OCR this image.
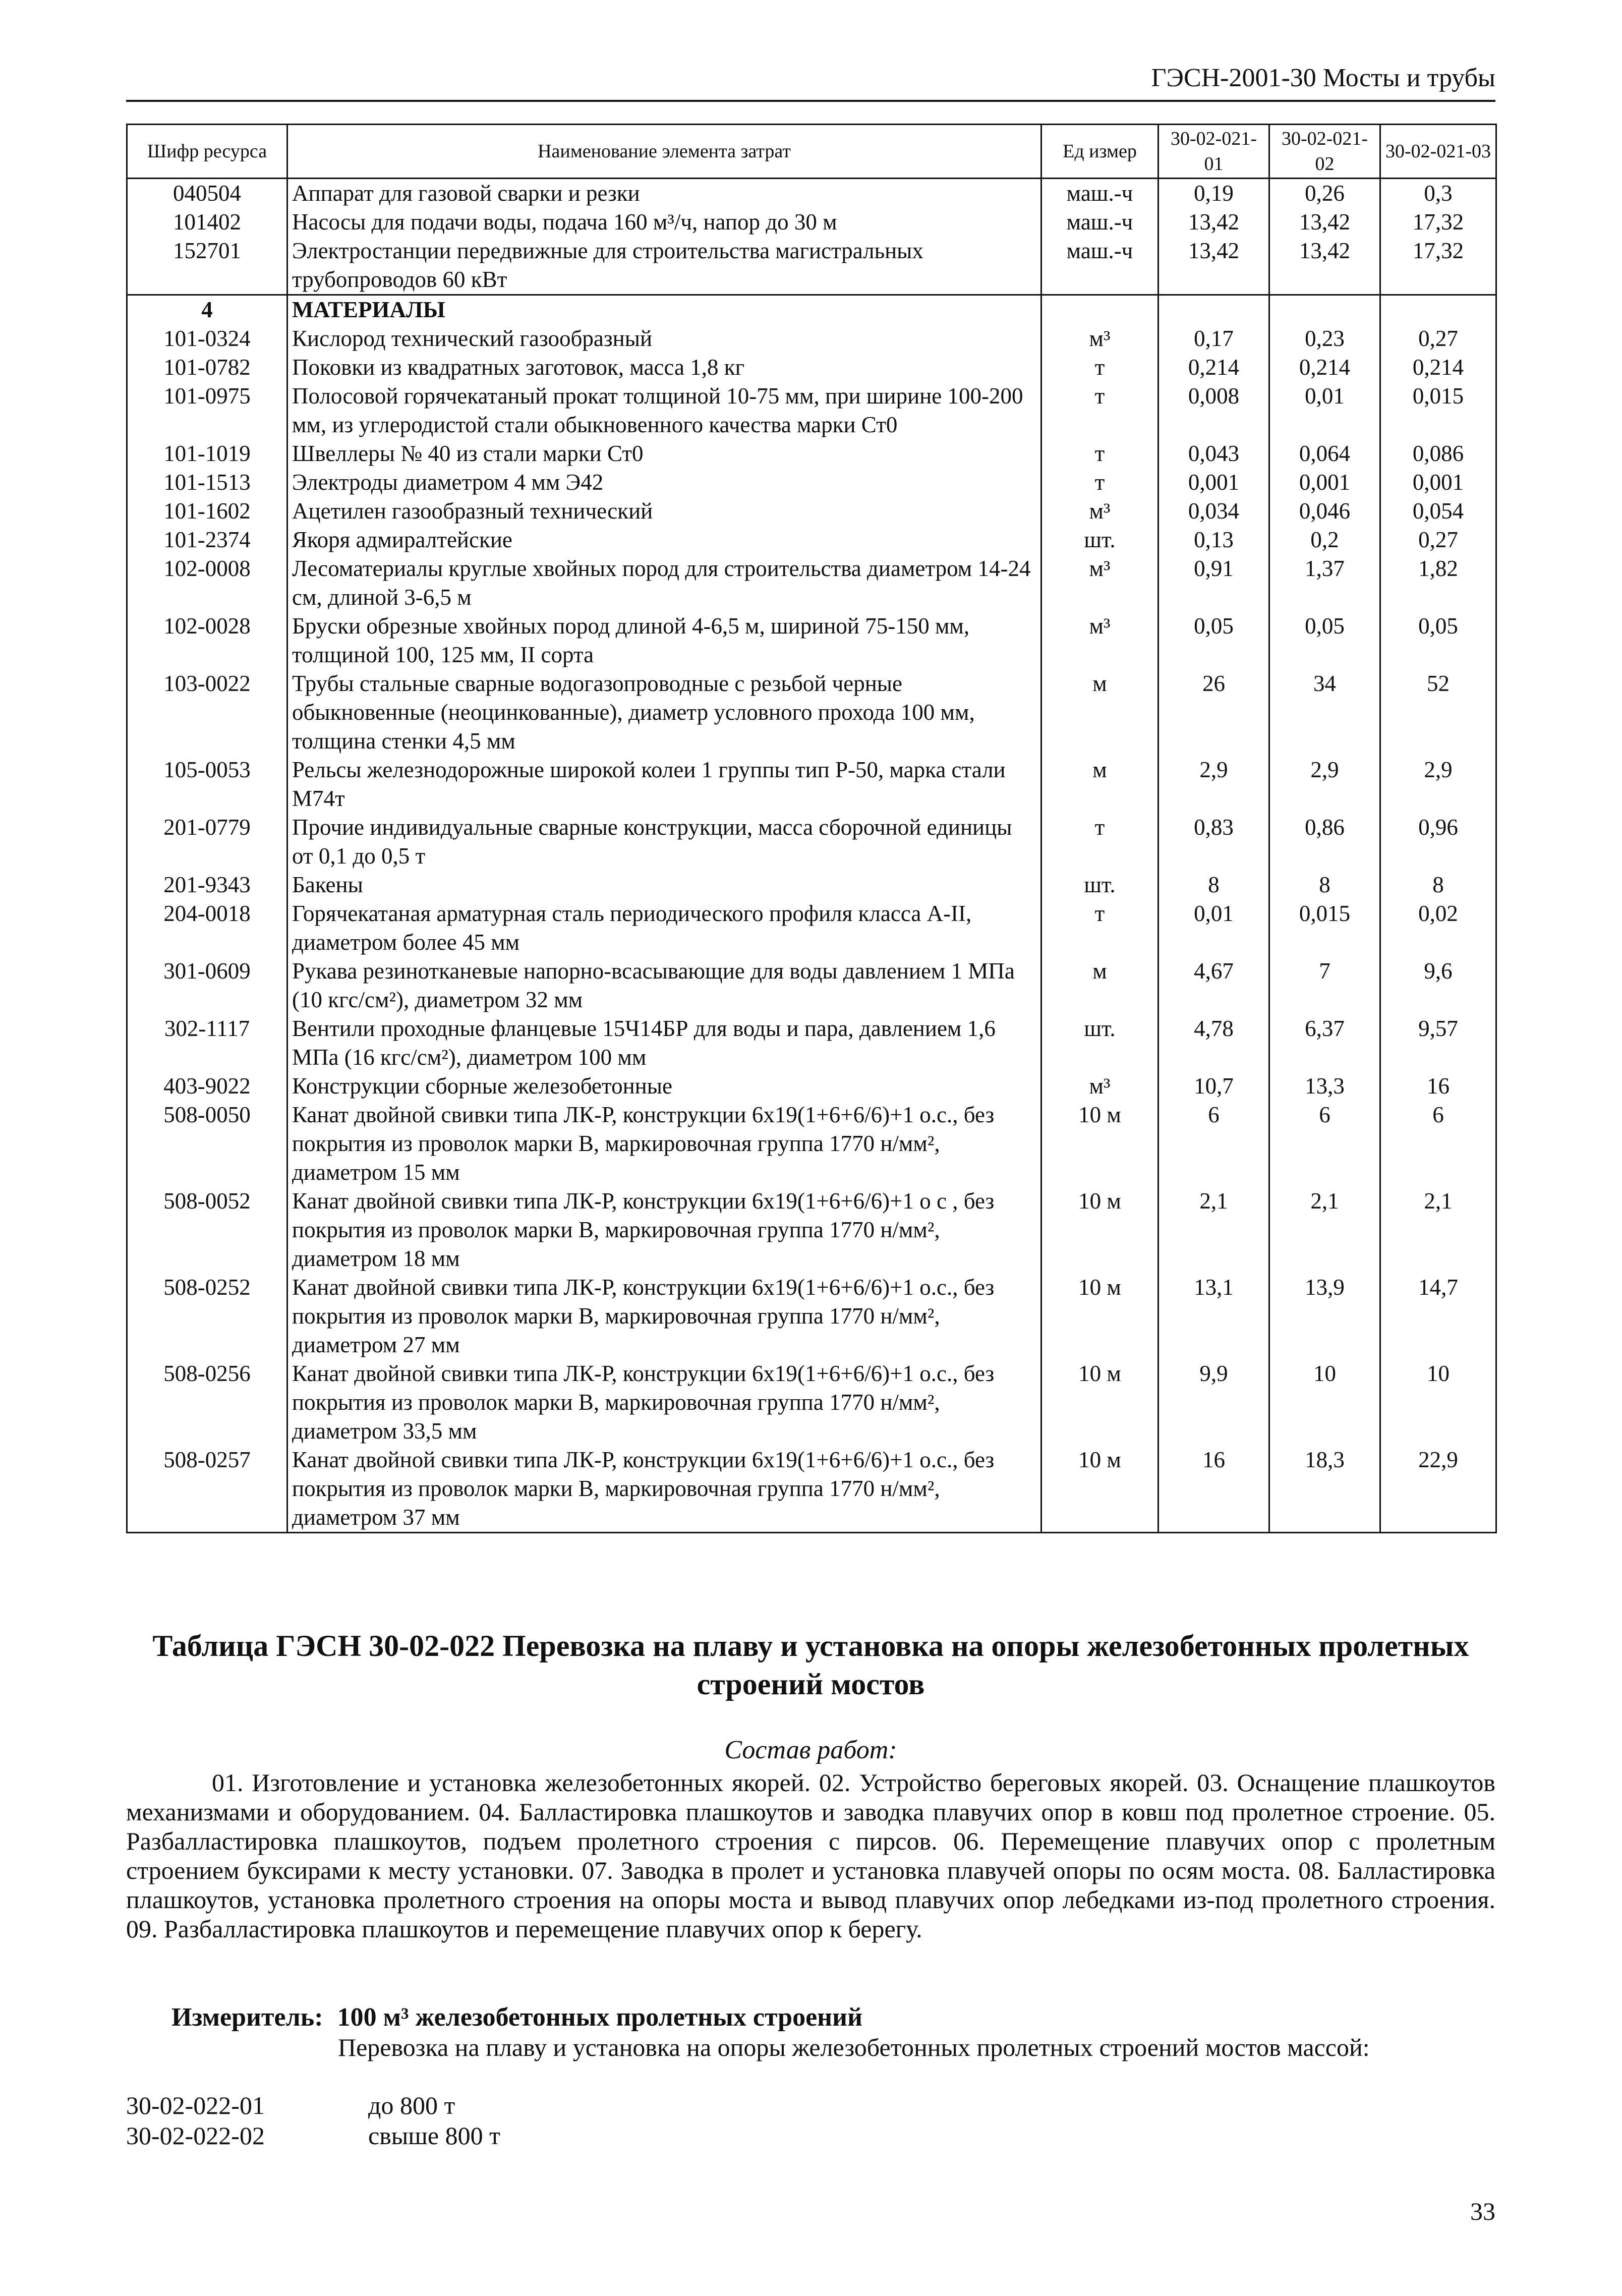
ГЭСН-2001-30 Мосты и трубы
Шифр ресурса	Наименование элемента затрат	Ед измер	30-02-021-01	30-02-021-02	30-02-021-03
040504	Аппарат для газовой сварки и резки	маш.-ч	0,19	0,26	0,3
101402	Насосы для подачи воды, подача 160 м³/ч, напор до 30 м	маш.-ч	13,42	13,42	17,32
152701	Электростанции передвижные для строительства магистральных трубопроводов 60 кВт	маш.-ч	13,42	13,42	17,32
4	МАТЕРИАЛЫ				
101-0324	Кислород технический газообразный	м³	0,17	0,23	0,27
101-0782	Поковки из квадратных заготовок, масса 1,8 кг	т	0,214	0,214	0,214
101-0975	Полосовой горячекатаный прокат толщиной 10-75 мм, при ширине 100-200 мм, из углеродистой стали обыкновенного качества марки Ст0	т	0,008	0,01	0,015
101-1019	Швеллеры № 40 из стали марки Ст0	т	0,043	0,064	0,086
101-1513	Электроды диаметром 4 мм Э42	т	0,001	0,001	0,001
101-1602	Ацетилен газообразный технический	м³	0,034	0,046	0,054
101-2374	Якоря адмиралтейские	шт.	0,13	0,2	0,27
102-0008	Лесоматериалы круглые хвойных пород для строительства диаметром 14-24 см, длиной 3-6,5 м	м³	0,91	1,37	1,82
102-0028	Бруски обрезные хвойных пород длиной 4-6,5 м, шириной 75-150 мм, толщиной 100, 125 мм, II сорта	м³	0,05	0,05	0,05
103-0022	Трубы стальные сварные водогазопроводные с резьбой черные обыкновенные (неоцинкованные), диаметр условного прохода 100 мм, толщина стенки 4,5 мм	м	26	34	52
105-0053	Рельсы железнодорожные широкой колеи 1 группы тип Р-50, марка стали М74т	м	2,9	2,9	2,9
201-0779	Прочие индивидуальные сварные конструкции, масса сборочной единицы от 0,1 до 0,5 т	т	0,83	0,86	0,96
201-9343	Бакены	шт.	8	8	8
204-0018	Горячекатаная арматурная сталь периодического профиля класса А-II, диаметром более 45 мм	т	0,01	0,015	0,02
301-0609	Рукава резинотканевые напорно-всасывающие для воды давлением 1 МПа (10 кгс/см²), диаметром 32 мм	м	4,67	7	9,6
302-1117	Вентили проходные фланцевые 15Ч14БР для воды и пара, давлением 1,6 МПа (16 кгс/см²), диаметром 100 мм	шт.	4,78	6,37	9,57
403-9022	Конструкции сборные железобетонные	м³	10,7	13,3	16
508-0050	Канат двойной свивки типа ЛК-Р, конструкции 6х19(1+6+6/6)+1 о.с., без покрытия из проволок марки В, маркировочная группа 1770 н/мм², диаметром 15 мм	10 м	6	6	6
508-0052	Канат двойной свивки типа ЛК-Р, конструкции 6х19(1+6+6/6)+1 о с , без покрытия из проволок марки В, маркировочная группа 1770 н/мм², диаметром 18 мм	10 м	2,1	2,1	2,1
508-0252	Канат двойной свивки типа ЛК-Р, конструкции 6х19(1+6+6/6)+1 о.с., без покрытия из проволок марки В, маркировочная группа 1770 н/мм², диаметром 27 мм	10 м	13,1	13,9	14,7
508-0256	Канат двойной свивки типа ЛК-Р, конструкции 6х19(1+6+6/6)+1 о.с., без покрытия из проволок марки В, маркировочная группа 1770 н/мм², диаметром 33,5 мм	10 м	9,9	10	10
508-0257	Канат двойной свивки типа ЛК-Р, конструкции 6х19(1+6+6/6)+1 о.с., без покрытия из проволок марки В, маркировочная группа 1770 н/мм², диаметром 37 мм	10 м	16	18,3	22,9
Таблица ГЭСН 30-02-022 Перевозка на плаву и установка на опоры железобетонных пролетных строений мостов
Состав работ:

01. Изготовление и установка железобетонных якорей. 02. Устройство береговых якорей. 03. Оснащение плашкоутов механизмами и оборудованием. 04. Балластировка плашкоутов и заводка плавучих опор в ковш под пролетное строение. 05. Разбалластировка плашкоутов, подъем пролетного строения с пирсов. 06. Перемещение плавучих опор с пролетным строением буксирами к месту установки. 07. Заводка в пролет и установка плавучей опоры по осям моста. 08. Балластировка плашкоутов, установка пролетного строения на опоры моста и вывод плавучих опор лебедками из-под пролетного строения. 09. Разбалластировка плашкоутов и перемещение плавучих опор к берегу.

Измеритель: 100 м³ железобетонных пролетных строений

Перевозка на плаву и установка на опоры железобетонных пролетных строений мостов массой:

30-02-022-01	до 800 т
30-02-022-02	свыше 800 т
33
